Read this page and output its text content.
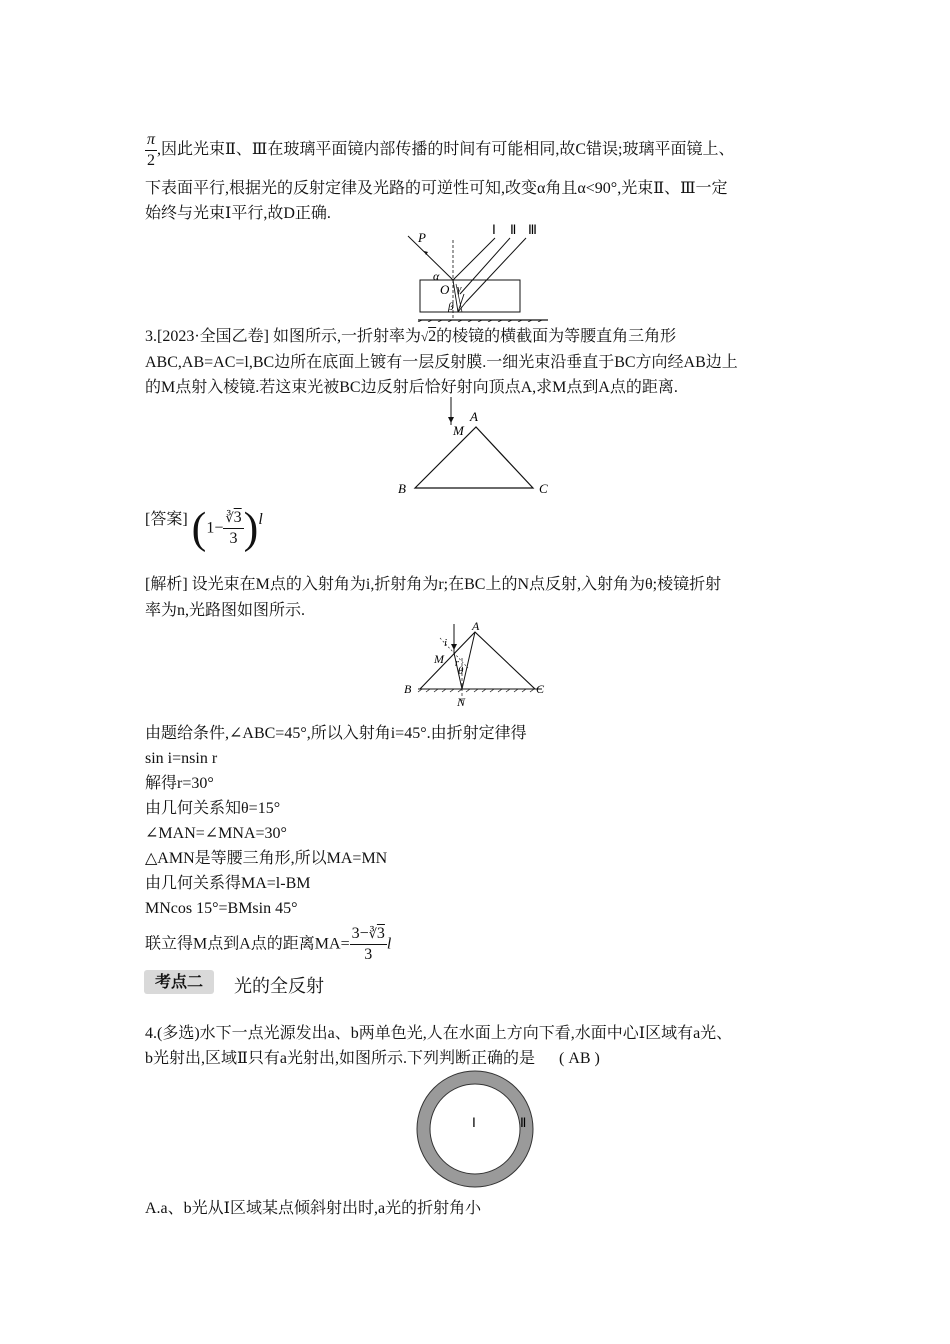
$\frac{\pi}{2}$ ,因此光束Ⅱ、Ⅲ在玻璃平面镜内部传播的时间有可能相同,故C错误;玻璃平面镜上、
下表面平行,根据光的反射定律及光路的可逆性可知,改变α角且α<90°,光束Ⅱ、Ⅲ一定
始终与光束Ⅰ平行,故D正确.
P
Ⅰ Ⅱ Ⅲ
α
O γ
β
3.[2023·全国乙卷] 如图所示,一折射率为√2的棱镜的横截面为等腰直角三角形
ABC,AB=AC=l,BC边所在底面上镀有一层反射膜.一细光束沿垂直于BC方向经AB边上
的M点射入棱镜.若这束光被BC边反射后恰好射向顶点A,求M点到A点的距离.
A
M
B	C
[答案] $(1- \frac{∛3}{3} )l$
[解析] 设光束在M点的入射角为i,折射角为r;在BC上的N点反射,入射角为θ;棱镜折射
率为n,光路图如图所示.
A
i
M r
θ
B	C
N
由题给条件,∠ABC=45°,所以入射角i=45°.由折射定律得
sin i=nsin r
解得r=30°
由几何关系知θ=15°
∠MAN=∠MNA=30°
△AMN是等腰三角形,所以MA=MN
由几何关系得MA=l-BM
MNcos 15°=BMsin 45°
联立得M点到A点的距离$MA= \frac{3-∛3}{3}$ l
考点二	光的全反射
4.(多选)水下一点光源发出a、b两单色光,人在水面上方向下看,水面中心Ⅰ区域有a光、
b光射出,区域Ⅱ只有a光射出,如图所示.下列判断正确的是 ( AB )
Ⅰ	Ⅱ
A.a、b光从Ⅰ区域某点倾斜射出时,a光的折射角小
